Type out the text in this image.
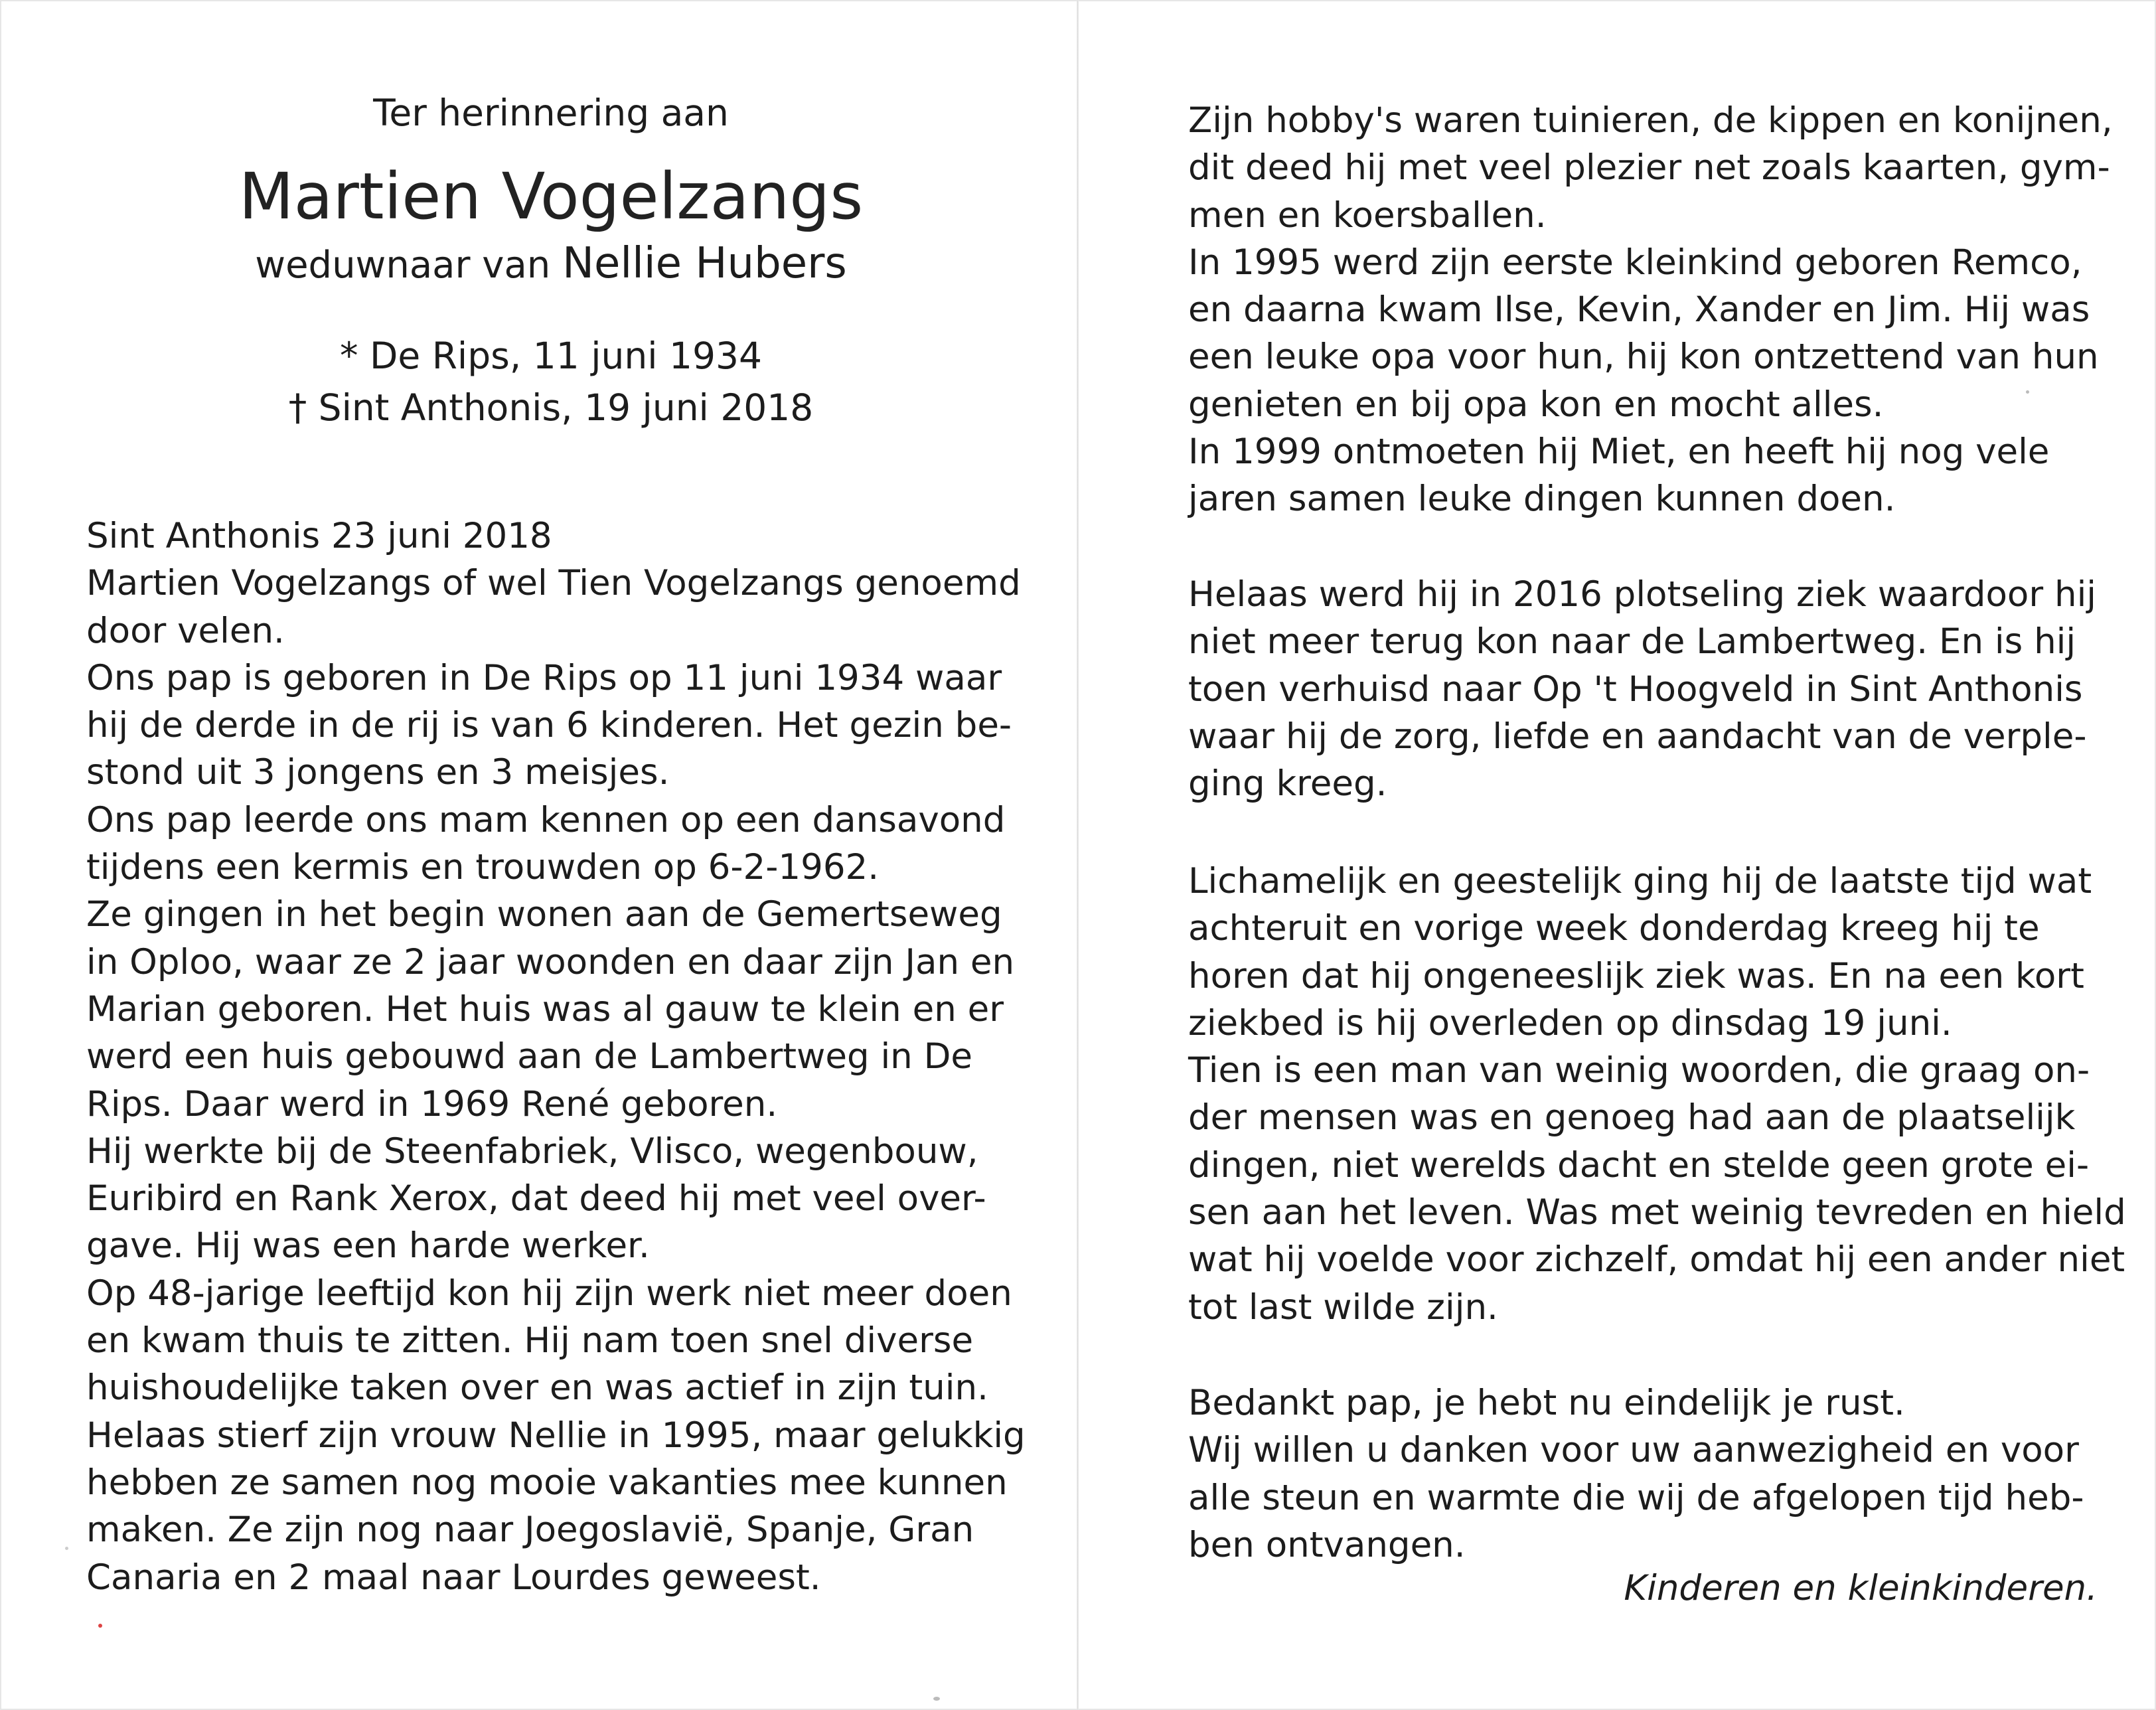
Ter herinnering aan
Martien Vogelzangs
weduwnaar van Nellie Hubers
* De Rips, 11 juni 1934
† Sint Anthonis, 19 juni 2018
Sint Anthonis 23 juni 2018
Martien Vogelzangs of wel Tien Vogelzangs genoemd
door velen.
Ons pap is geboren in De Rips op 11 juni 1934 waar
hij de derde in de rij is van 6 kinderen. Het gezin be-
stond uit 3 jongens en 3 meisjes.
Ons pap leerde ons mam kennen op een dansavond
tijdens een kermis en trouwden op 6-2-1962.
Ze gingen in het begin wonen aan de Gemertseweg
in Oploo, waar ze 2 jaar woonden en daar zijn Jan en
Marian geboren. Het huis was al gauw te klein en er
werd een huis gebouwd aan de Lambertweg in De
Rips. Daar werd in 1969 René geboren.
Hij werkte bij de Steenfabriek, Vlisco, wegenbouw,
Euribird en Rank Xerox, dat deed hij met veel over-
gave. Hij was een harde werker.
Op 48-jarige leeftijd kon hij zijn werk niet meer doen
en kwam thuis te zitten. Hij nam toen snel diverse
huishoudelijke taken over en was actief in zijn tuin.
Helaas stierf zijn vrouw Nellie in 1995, maar gelukkig
hebben ze samen nog mooie vakanties mee kunnen
maken. Ze zijn nog naar Joegoslavië, Spanje, Gran
Canaria en 2 maal naar Lourdes geweest.
Zijn hobby's waren tuinieren, de kippen en konijnen,
dit deed hij met veel plezier net zoals kaarten, gym-
men en koersballen.
In 1995 werd zijn eerste kleinkind geboren Remco,
en daarna kwam Ilse, Kevin, Xander en Jim. Hij was
een leuke opa voor hun, hij kon ontzettend van hun
genieten en bij opa kon en mocht alles.
In 1999 ontmoeten hij Miet, en heeft hij nog vele
jaren samen leuke dingen kunnen doen.
Helaas werd hij in 2016 plotseling ziek waardoor hij
niet meer terug kon naar de Lambertweg. En is hij
toen verhuisd naar Op 't Hoogveld in Sint Anthonis
waar hij de zorg, liefde en aandacht van de verple-
ging kreeg.
Lichamelijk en geestelijk ging hij de laatste tijd wat
achteruit en vorige week donderdag kreeg hij te
horen dat hij ongeneeslijk ziek was. En na een kort
ziekbed is hij overleden op dinsdag 19 juni.
Tien is een man van weinig woorden, die graag on-
der mensen was en genoeg had aan de plaatselijk
dingen, niet werelds dacht en stelde geen grote ei-
sen aan het leven. Was met weinig tevreden en hield
wat hij voelde voor zichzelf, omdat hij een ander niet
tot last wilde zijn.
Bedankt pap, je hebt nu eindelijk je rust.
Wij willen u danken voor uw aanwezigheid en voor
alle steun en warmte die wij de afgelopen tijd heb-
ben ontvangen.
Kinderen en kleinkinderen.
